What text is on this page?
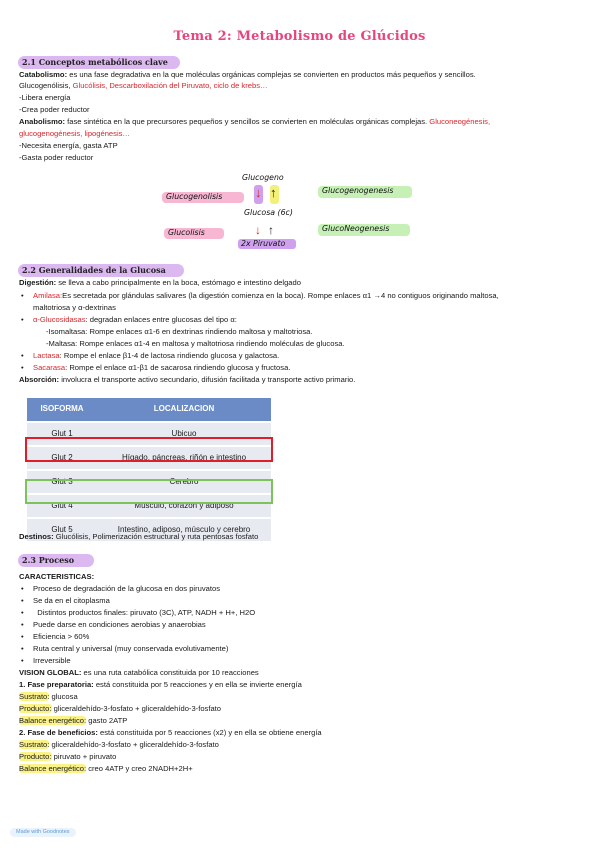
Tema 2: Metabolismo de Glúcidos
2.1 Conceptos metabólicos clave
Catabolismo: es una fase degradativa en la que moléculas orgánicas complejas se convierten en productos más pequeños y sencillos.
Glucogenólisis, Glucólisis, Descarboxilación del Piruvato, ciclo de krebs…
-Libera energía
-Crea poder reductor
Anabolismo: fase sintética en la que precursores pequeños y sencillos se convierten en moléculas orgánicas complejas. Gluconeogénesis,
glucogenogénesis, lipogénesis…
-Necesita energía, gasta ATP
-Gasta poder reductor
Glucogeno
Glucogenolisis	↓ ↑	Glucogenogenesis
Glucosa (6c)
Glucolisis	↓ ↑	GlucoNeogenesis
2x Piruvato
2.2 Generalidades de la Glucosa
Digestión: se lleva a cabo principalmente en la boca, estómago e intestino delgado
• Amilasa:Es secretada por glándulas salivares (la digestión comienza en la boca). Rompe enlaces α1 →4 no contiguos originando maltosa,
maltotriosa y α-dextrinas
• α-Glucosidasas: degradan enlaces entre glucosas del tipo α:
-Isomaltasa: Rompe enlaces α1-6 en dextrinas rindiendo maltosa y maltotriosa.
-Maltasa: Rompe enlaces α1-4 en maltosa y maltotriosa rindiendo moléculas de glucosa.
• Lactasa: Rompe el enlace β1-4 de lactosa rindiendo glucosa y galactosa.
• Sacarasa: Rompe el enlace α1-β1 de sacarosa rindiendo glucosa y fructosa.
Absorción: involucra el transporte activo secundario, difusión facilitada y transporte activo primario.
ISOFORMA	LOCALIZACION
Glut 1	Ubicuo
Glut 2	Hígado, páncreas, riñón e intestino
Glut 3	Cerebro
Glut 4	Músculo, corazón y adiposo
Glut 5	Intestino, adiposo, músculo y cerebro
Destinos: Glucólisis, Polimerización estructural y ruta pentosas fosfato
2.3 Proceso
CARACTERISTICAS:
• Proceso de degradación de la glucosa en dos piruvatos
• Se da en el citoplasma
•   Distintos productos finales: piruvato (3C), ATP, NADH + H+, H2O
• Puede darse en condiciones aerobias y anaerobias
• Eficiencia > 60%
• Ruta central y universal (muy conservada evolutivamente)
• Irreversible
VISION GLOBAL: es una ruta catabólica constituida por 10 reacciones
1. Fase preparatoria: está constituida por 5 reacciones y en ella se invierte energía
Sustrato: glucosa
Producto: gliceraldehído-3-fosfato + gliceraldehído-3-fosfato
Balance energético: gasto 2ATP
2. Fase de beneficios: está constituida por 5 reacciones (x2) y en ella se obtiene energía
Sustrato: gliceraldehído-3-fosfato + gliceraldehído-3-fosfato
Producto: piruvato + piruvato
Balance energético: creo 4ATP y creo 2NADH+2H+
Made with Goodnotes
